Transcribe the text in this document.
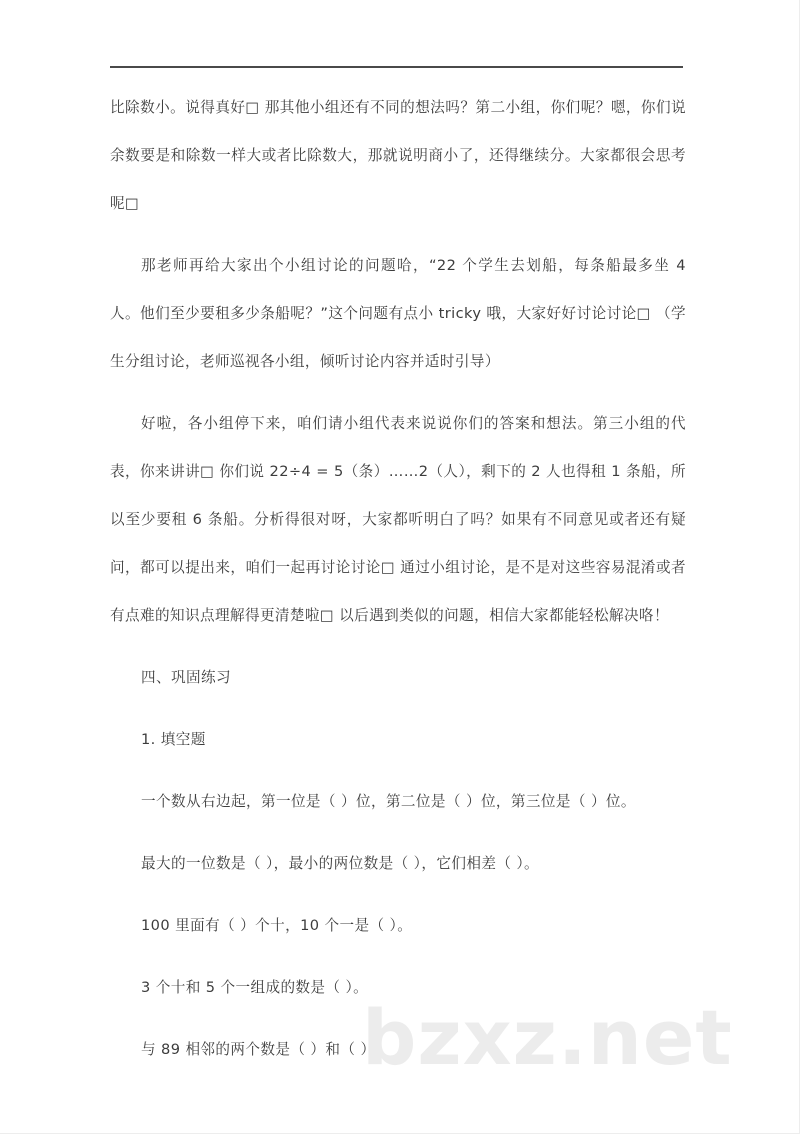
比除数小。说得真好□ 那其他小组还有不同的想法吗？第二小组，你们呢？嗯，你们说余数要是和除数一样大或者比除数大，那就说明商小了，还得继续分。大家都很会思考呢□

那老师再给大家出个小组讨论的问题哈，“22 个学生去划船，每条船最多坐 4 人。他们至少要租多少条船呢？”这个问题有点小 tricky 哦，大家好好讨论讨论□ （学生分组讨论，老师巡视各小组，倾听讨论内容并适时引导）

好啦，各小组停下来，咱们请小组代表来说说你们的答案和想法。第三小组的代表，你来讲讲□ 你们说 22÷4 = 5（条）……2（人），剩下的 2 人也得租 1 条船，所以至少要租 6 条船。分析得很对呀，大家都听明白了吗？如果有不同意见或者还有疑问，都可以提出来，咱们一起再讨论讨论□ 通过小组讨论，是不是对这些容易混淆或者有点难的知识点理解得更清楚啦□ 以后遇到类似的问题，相信大家都能轻松解决咯！

四、巩固练习

1. 填空题

一个数从右边起，第一位是（ ）位，第二位是（ ）位，第三位是（ ）位。

最大的一位数是（ ），最小的两位数是（ ），它们相差（ ）。

100 里面有（ ）个十，10 个一是（ ）。

3 个十和 5 个一组成的数是（ ）。

与 89 相邻的两个数是（ ）和（ ）。

bzxz.net
